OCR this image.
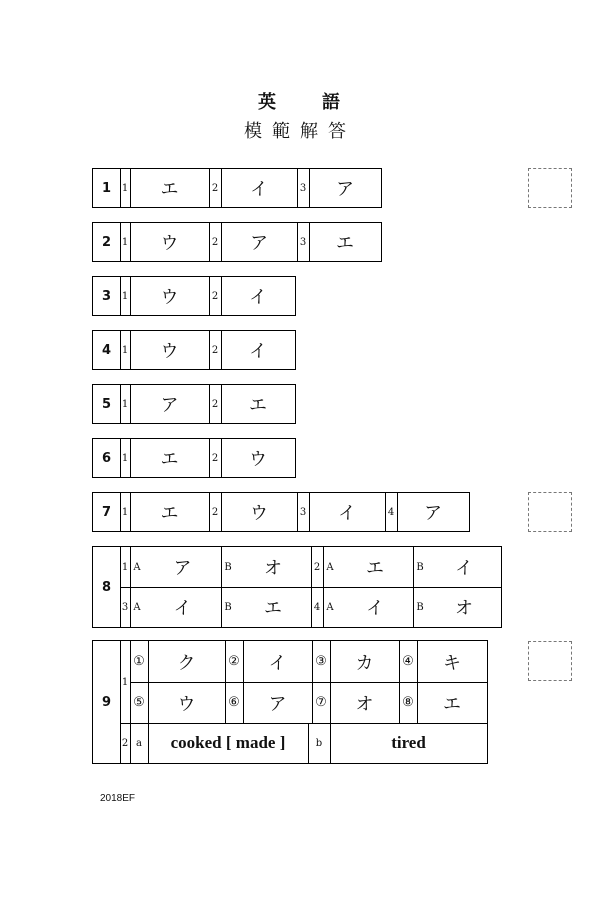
英 語
模範解答
1	1	エ	2	イ	3	ア
2	1	ウ	2	ア	3	エ
3	1	ウ	2	イ
4	1	ウ	2	イ
5	1	ア	2	エ
6	1	エ	2	ウ
7	1	エ	2	ウ	3	イ	4	ア
8
1 A	ア	B	オ	2 A	エ	B	イ
3 A	イ	B	エ	4 A	イ	B	オ
9
1
①	ク	②	イ	③	カ	④	キ
⑤	ウ	⑥	ア	⑦	オ	⑧	エ
2 a	cooked [ made ]	b	tired
2018EF
